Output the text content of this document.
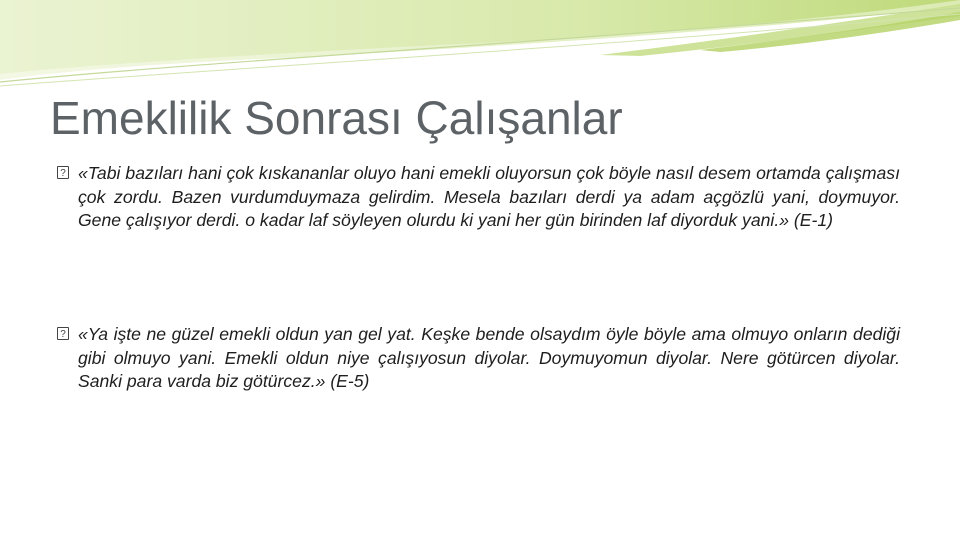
Emeklilik Sonrası Çalışanlar
«Tabi bazıları hani çok kıskananlar oluyo hani emekli oluyorsun çok böyle nasıl desem ortamda çalışması çok zordu. Bazen vurdumduymaza gelirdim. Mesela bazıları derdi ya adam açgözlü yani, doymuyor. Gene çalışıyor derdi. o kadar laf söyleyen olurdu ki yani her gün birinden laf diyorduk yani.» (E-1)
«Ya işte ne güzel emekli oldun yan gel yat. Keşke bende olsaydım öyle böyle ama olmuyo onların dediği gibi olmuyo yani. Emekli oldun niye çalışıyosun diyolar. Doymuyomun diyolar. Nere götürcen diyolar. Sanki para varda biz götürcez.» (E-5)
